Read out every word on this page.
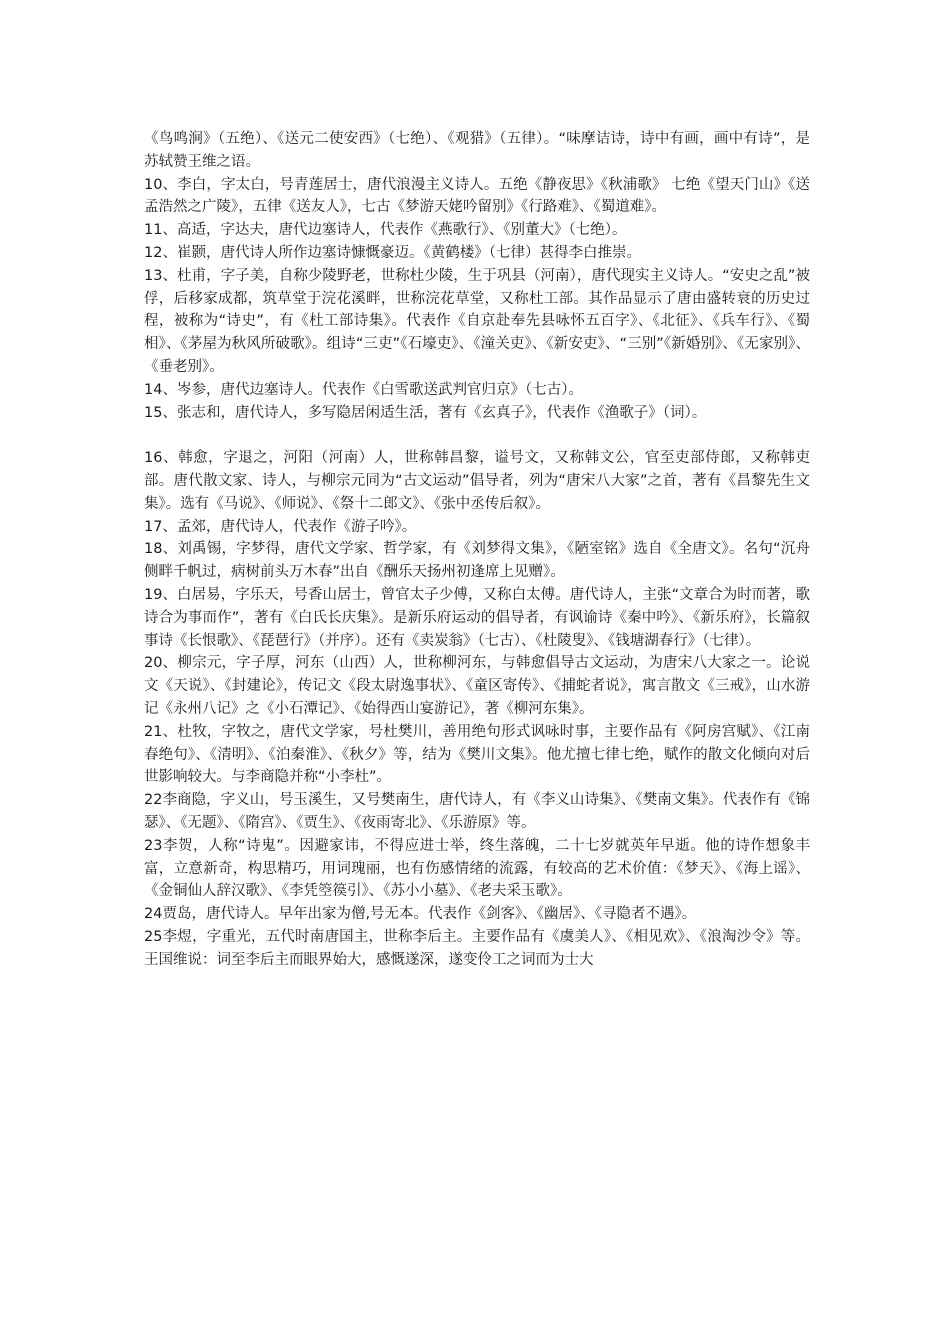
《鸟鸣涧》（五绝）、《送元二使安西》（七绝）、《观猎》（五律）。“味摩诘诗，诗中有画，画中有诗”，是苏轼赞王维之语。

10、李白，字太白，号青莲居士，唐代浪漫主义诗人。五绝《静夜思》《秋浦歌》 七绝《望天门山》《送孟浩然之广陵》，五律《送友人》，七古《梦游天姥吟留别》《行路难》、《蜀道难》。

11、高适，字达夫，唐代边塞诗人，代表作《燕歌行》、《别董大》（七绝）。

12、崔颢，唐代诗人所作边塞诗慷慨豪迈。《黄鹤楼》（七律）甚得李白推崇。

13、杜甫，字子美，自称少陵野老，世称杜少陵，生于巩县（河南），唐代现实主义诗人。“安史之乱”被俘，后移家成都，筑草堂于浣花溪畔，世称浣花草堂，又称杜工部。其作品显示了唐由盛转衰的历史过程，被称为“诗史”，有《杜工部诗集》。代表作《自京赴奉先县咏怀五百字》、《北征》、《兵车行》、《蜀相》、《茅屋为秋风所破歌》。组诗“三吏”《石壕吏》、《潼关吏》、《新安吏》、“三别”《新婚别》、《无家别》、《垂老别》。

14、岑参，唐代边塞诗人。代表作《白雪歌送武判官归京》（七古）。

15、张志和，唐代诗人，多写隐居闲适生活，著有《玄真子》，代表作《渔歌子》（词）。

16、韩愈，字退之，河阳（河南）人，世称韩昌黎，谥号文，又称韩文公，官至吏部侍郎，又称韩吏部。唐代散文家、诗人，与柳宗元同为“古文运动”倡导者，列为“唐宋八大家”之首，著有《昌黎先生文集》。选有《马说》、《师说》、《祭十二郎文》、《张中丞传后叙》。

17、孟郊，唐代诗人，代表作《游子吟》。

18、刘禹锡，字梦得，唐代文学家、哲学家，有《刘梦得文集》，《陋室铭》选自《全唐文》。名句“沉舟侧畔千帆过，病树前头万木春”出自《酬乐天扬州初逢席上见赠》。

19、白居易，字乐天，号香山居士，曾官太子少傅，又称白太傅。唐代诗人，主张“文章合为时而著，歌诗合为事而作”，著有《白氏长庆集》。是新乐府运动的倡导者，有讽谕诗《秦中吟》、《新乐府》，长篇叙事诗《长恨歌》、《琵琶行》（并序）。还有《卖炭翁》（七古）、《杜陵叟》、《钱塘湖春行》（七律）。

20、柳宗元，字子厚，河东（山西）人，世称柳河东，与韩愈倡导古文运动，为唐宋八大家之一。论说文《天说》、《封建论》，传记文《段太尉逸事状》、《童区寄传》、《捕蛇者说》，寓言散文《三戒》，山水游记《永州八记》之《小石潭记》、《始得西山宴游记》，著《柳河东集》。

21、杜牧，字牧之，唐代文学家，号杜樊川，善用绝句形式讽咏时事，主要作品有《阿房宫赋》、《江南春绝句》、《清明》、《泊秦淮》、《秋夕》等，结为《樊川文集》。他尤擅七律七绝，赋作的散文化倾向对后世影响较大。与李商隐并称“小李杜”。

22李商隐，字义山，号玉溪生，又号樊南生，唐代诗人，有《李义山诗集》、《樊南文集》。代表作有《锦瑟》、《无题》、《隋宫》、《贾生》、《夜雨寄北》、《乐游原》等。

23李贺，人称“诗鬼”。因避家讳，不得应进士举，终生落魄，二十七岁就英年早逝。他的诗作想象丰富，立意新奇，构思精巧，用词瑰丽，也有伤感情绪的流露，有较高的艺术价值：《梦天》、《海上谣》、《金铜仙人辞汉歌》、《李凭箜篌引》、《苏小小墓》、《老夫采玉歌》。

24贾岛，唐代诗人。早年出家为僧,号无本。代表作《剑客》、《幽居》、《寻隐者不遇》。

25李煜，字重光，五代时南唐国主，世称李后主。主要作品有《虞美人》、《相见欢》、《浪淘沙令》等。王国维说：词至李后主而眼界始大，感慨遂深，遂变伶工之词而为士大
